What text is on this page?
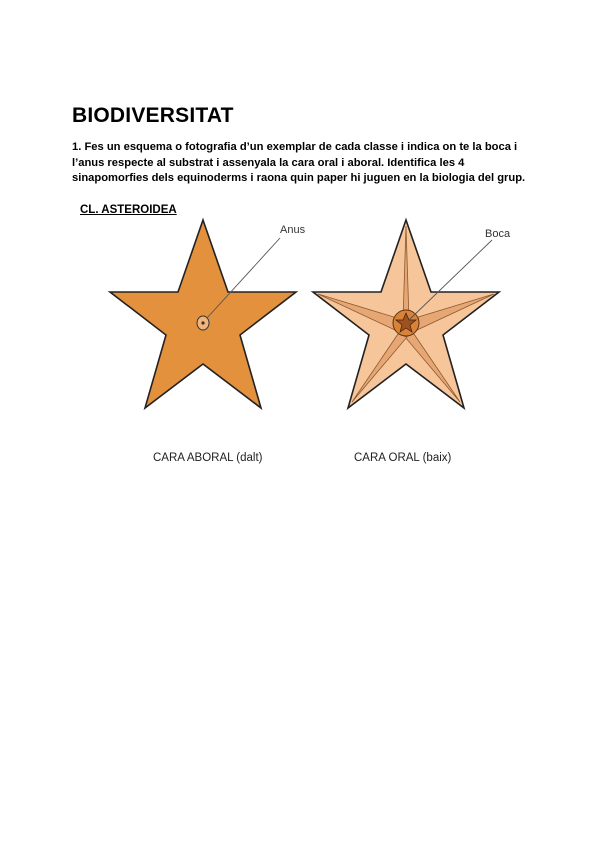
BIODIVERSITAT

1. Fes un esquema o fotografia d’un exemplar de cada classe i indica on te la boca i l’anus respecte al substrat i assenyala la cara oral i aboral. Identifica les 4 sinapomorfies dels equinoderms i raona quin paper hi juguen en la biologia del grup.

CL. ASTEROIDEA
Anus	Boca
CARA ABORAL (dalt)	CARA ORAL (baix)
